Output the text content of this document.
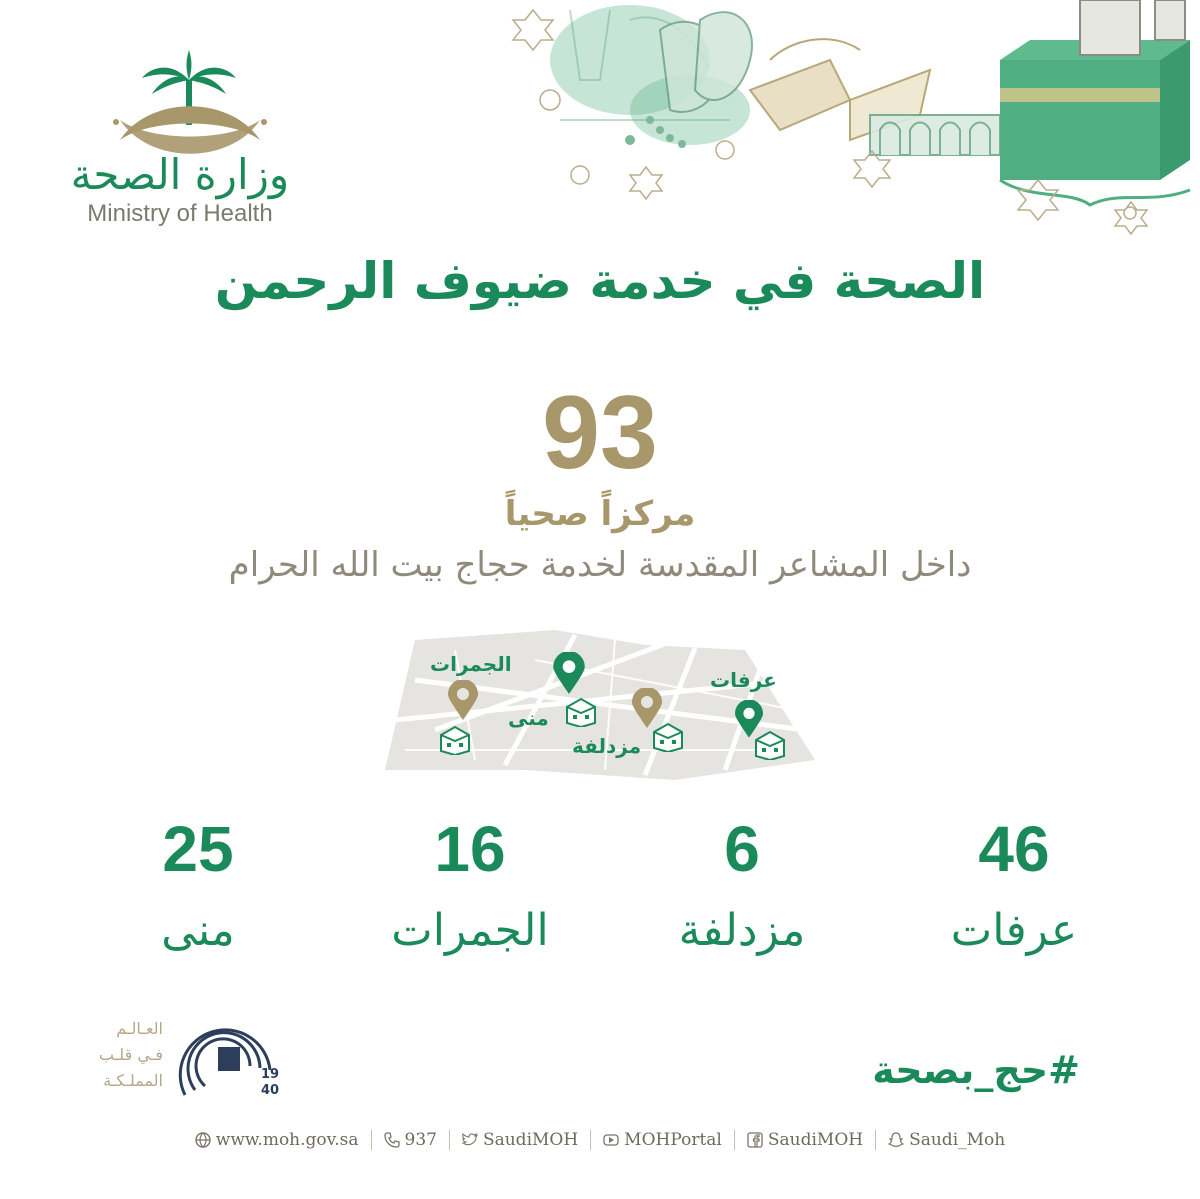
وزارة الصحة
Ministry of Health
الصحة في خدمة ضيوف الرحمن
93
مركزاً صحياً
داخل المشاعر المقدسة لخدمة حجاج بيت الله الحرام
الجمرات
منى
مزدلفة
عرفات
25
منى
16
الجمرات
6
مزدلفة
46
عرفات
العـالـم
فـي قلـب
المملـكـة	19
40	#حج_بصحة
www.moh.gov.sa	937	SaudiMOH	MOHPortal	SaudiMOH	Saudi_Moh
